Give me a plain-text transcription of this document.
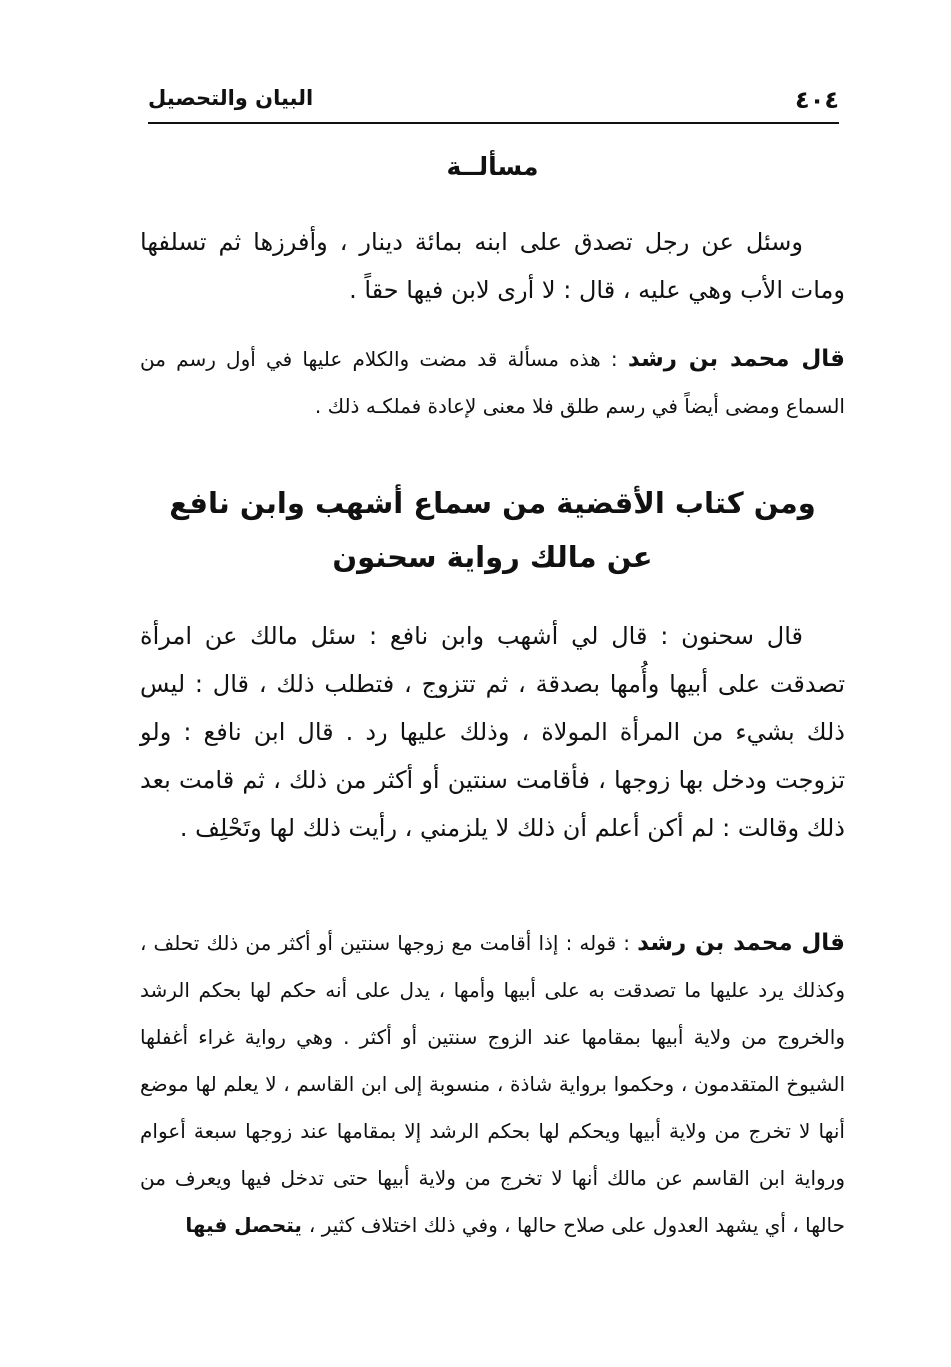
٤٠٤
البيان والتحصيل
مسألــة
وسئل عن رجل تصدق على ابنه بمائة دينار ، وأفرزها ثم تسلفها ومات الأب وهي عليه ، قال : لا أرى لابن فيها حقاً .
قال محمد بن رشد : هذه مسألة قد مضت والكلام عليها في أول رسم من السماع ومضى أيضاً في رسم طلق فلا معنى لإعادة فملكـه ذلك .
ومن كتاب الأقضية من سماع أشهب وابن نافع
عن مالك رواية سحنون
قال سحنون : قال لي أشهب وابن نافع : سئل مالك عن امرأة تصدقت على أبيها وأُمها بصدقة ، ثم تتزوج ، فتطلب ذلك ، قال : ليس ذلك بشيء من المرأة المولاة ، وذلك عليها رد . قال ابن نافع : ولو تزوجت ودخل بها زوجها ، فأقامت سنتين أو أكثر من ذلك ، ثم قامت بعد ذلك وقالت : لم أكن أعلم أن ذلك لا يلزمني ، رأيت ذلك لها وتَحْلِف .
قال محمد بن رشد : قوله : إذا أقامت مع زوجها سنتين أو أكثر من ذلك تحلف ، وكذلك يرد عليها ما تصدقت به على أبيها وأمها ، يدل على أنه حكم لها بحكم الرشد والخروج من ولاية أبيها بمقامها عند الزوج سنتين أو أكثر . وهي رواية غراء أغفلها الشيوخ المتقدمون ، وحكموا برواية شاذة ، منسوبة إلى ابن القاسم ، لا يعلم لها موضع أنها لا تخرج من ولاية أبيها ويحكم لها بحكم الرشد إلا بمقامها عند زوجها سبعة أعوام ورواية ابن القاسم عن مالك أنها لا تخرج من ولاية أبيها حتى تدخل فيها ويعرف من حالها ، أي يشهد العدول على صلاح حالها ، وفي ذلك اختلاف كثير ، يتحصل فيها
